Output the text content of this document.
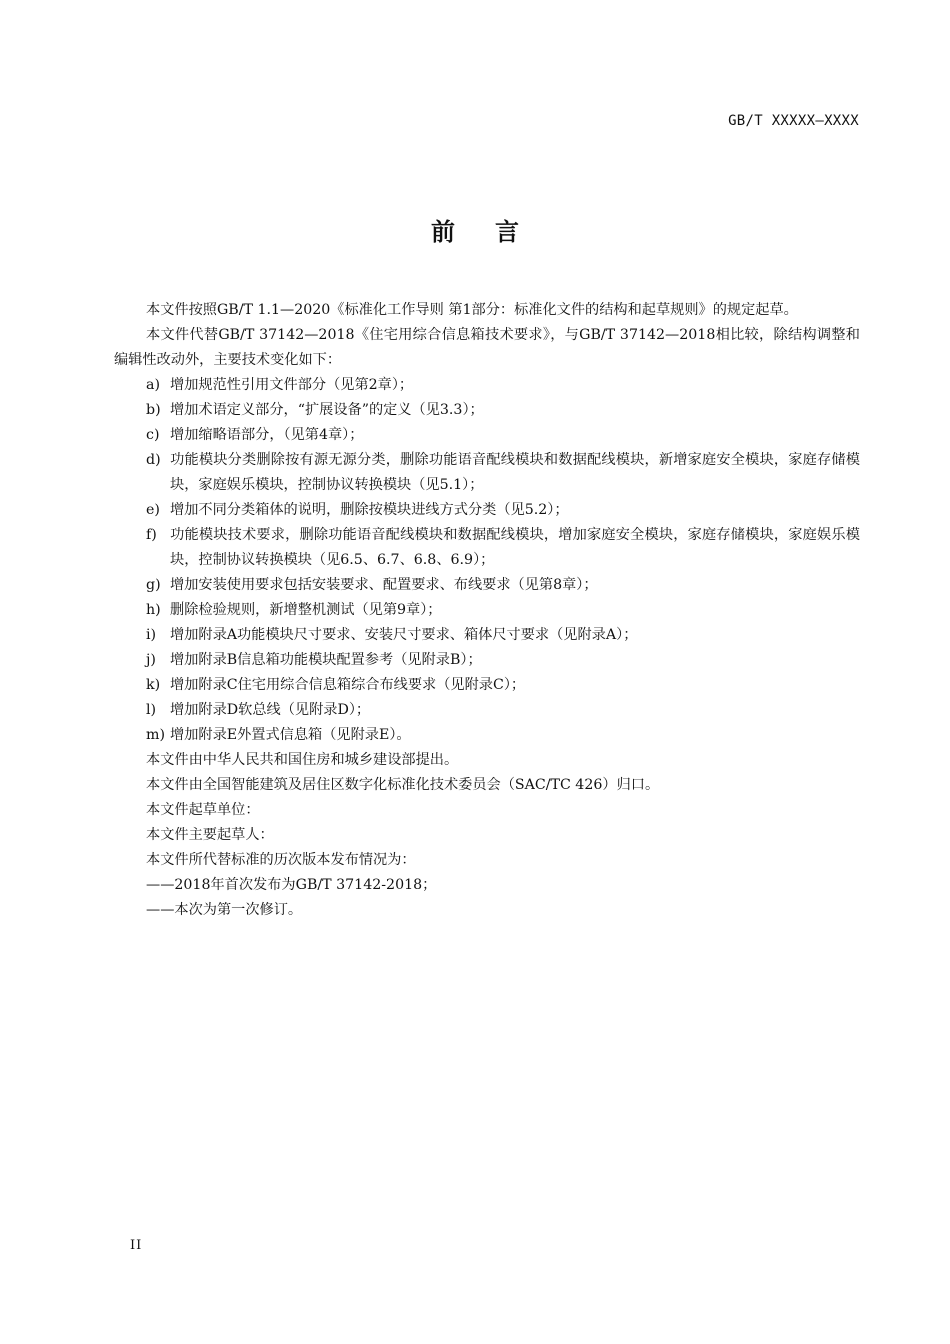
GB/T XXXXX—XXXX
前言

本文件按照GB/T 1.1—2020《标准化工作导则 第1部分：标准化文件的结构和起草规则》的规定起草。

本文件代替GB/T 37142—2018《住宅用综合信息箱技术要求》，与GB/T 37142—2018相比较，除结构调整和编辑性改动外，主要技术变化如下：

a) 增加规范性引用文件部分（见第2章）；

b) 增加术语定义部分，“扩展设备”的定义（见3.3）；

c) 增加缩略语部分，（见第4章）；

d) 功能模块分类删除按有源无源分类，删除功能语音配线模块和数据配线模块，新增家庭安全模块，家庭存储模块，家庭娱乐模块，控制协议转换模块（见5.1）；

e) 增加不同分类箱体的说明，删除按模块进线方式分类（见5.2）；

f) 功能模块技术要求，删除功能语音配线模块和数据配线模块，增加家庭安全模块，家庭存储模块，家庭娱乐模块，控制协议转换模块（见6.5、6.7、6.8、6.9）；

g) 增加安装使用要求包括安装要求、配置要求、布线要求（见第8章）；

h) 删除检验规则，新增整机测试（见第9章）；

i) 增加附录A功能模块尺寸要求、安装尺寸要求、箱体尺寸要求（见附录A）；

j) 增加附录B信息箱功能模块配置参考（见附录B）；

k) 增加附录C住宅用综合信息箱综合布线要求（见附录C）；

l) 增加附录D软总线（见附录D）；

m) 增加附录E外置式信息箱（见附录E）。

本文件由中华人民共和国住房和城乡建设部提出。

本文件由全国智能建筑及居住区数字化标准化技术委员会（SAC/TC 426）归口。

本文件起草单位：

本文件主要起草人：

本文件所代替标准的历次版本发布情况为：

——2018年首次发布为GB/T 37142-2018；

——本次为第一次修订。

II
